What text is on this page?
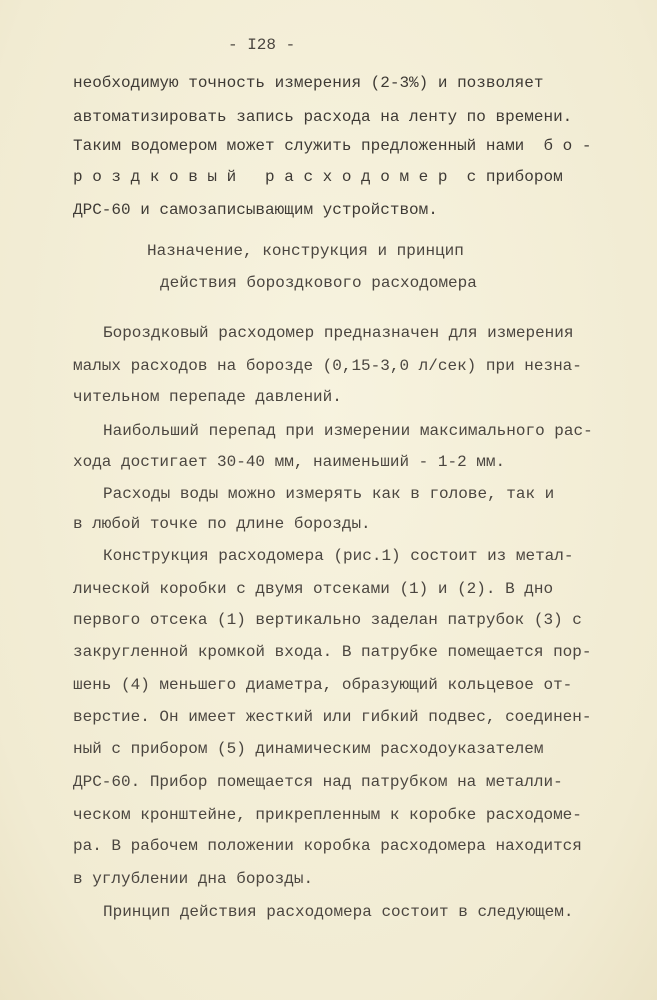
- I28 -
необходимую точность измерения (2-3%) и позволяет
автоматизировать запись расхода на ленту по времени.
Таким водомером может служить предложенный нами  б о -
р о з д к о в ы й   р а с х о д о м е р  с прибором
ДРС-60 и самозаписывающим устройством.
Назначение, конструкция и принцип
действия бороздкового расходомера
Бороздковый расходомер предназначен для измерения
малых расходов на борозде (0,15-3,0 л/сек) при незна-
чительном перепаде давлений.
Наибольший перепад при измерении максимального рас-
хода достигает 30-40 мм, наименьший - 1-2 мм.
Расходы воды можно измерять как в голове, так и
в любой точке по длине борозды.
Конструкция расходомера (рис.1) состоит из метал-
лической коробки с двумя отсеками (1) и (2). В дно
первого отсека (1) вертикально заделан патрубок (3) с
закругленной кромкой входа. В патрубке помещается пор-
шень (4) меньшего диаметра, образующий кольцевое от-
верстие. Он имеет жесткий или гибкий подвес, соединен-
ный с прибором (5) динамическим расходоуказателем
ДРС-60. Прибор помещается над патрубком на металли-
ческом кронштейне, прикрепленным к коробке расходоме-
ра. В рабочем положении коробка расходомера находится
в углублении дна борозды.
Принцип действия расходомера состоит в следующем.
